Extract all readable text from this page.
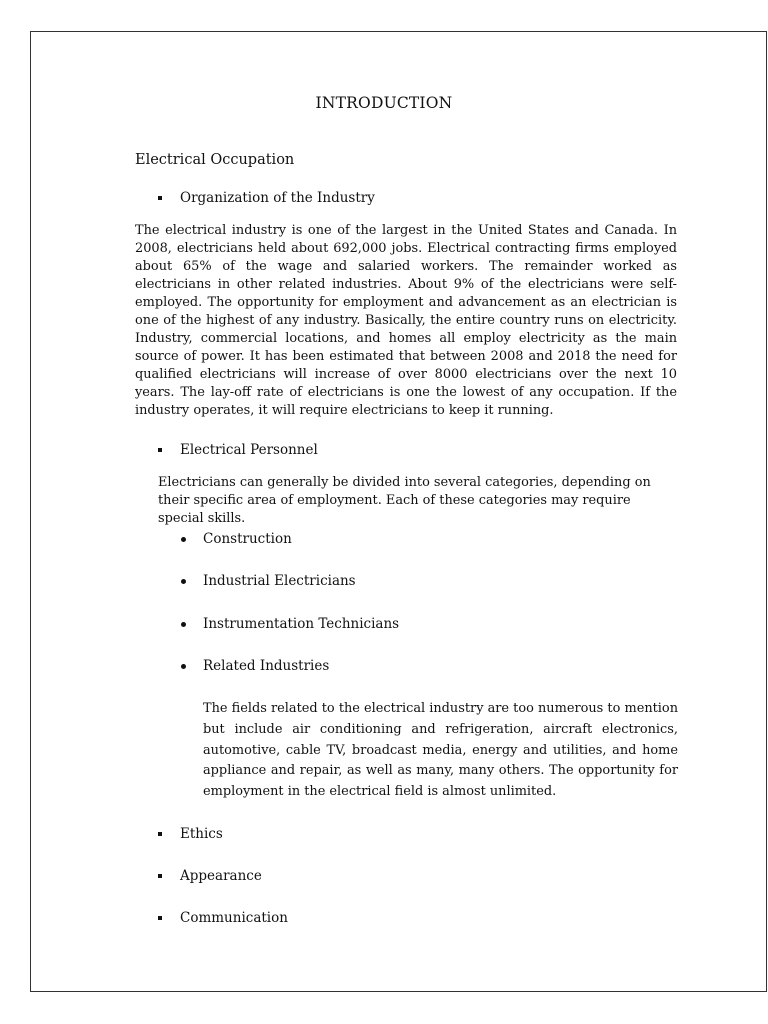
INTRODUCTION
Electrical Occupation
Organization of the Industry

The electrical industry is one of the largest in the United States and Canada. In 2008, electricians held about 692,000 jobs. Electrical contracting firms employed about 65% of the wage and salaried workers. The remainder worked as electricians in other related industries. About 9% of the electricians were self-employed. The opportunity for employment and advancement as an electrician is one of the highest of any industry. Basically, the entire country runs on electricity. Industry, commercial locations, and homes all employ electricity as the main source of power. It has been estimated that between 2008 and 2018 the need for qualified electricians will increase of over 8000 electricians over the next 10 years. The lay-off rate of electricians is one the lowest of any occupation. If the industry operates, it will require electricians to keep it running.

Electrical Personnel

Electricians can generally be divided into several categories, depending on their specific area of employment. Each of these categories may require special skills.

Construction
Industrial Electricians
Instrumentation Technicians
Related Industries

The fields related to the electrical industry are too numerous to mention but include air conditioning and refrigeration, aircraft electronics, automotive, cable TV, broadcast media, energy and utilities, and home appliance and repair, as well as many, many others. The opportunity for employment in the electrical field is almost unlimited.

Ethics
Appearance
Communication
